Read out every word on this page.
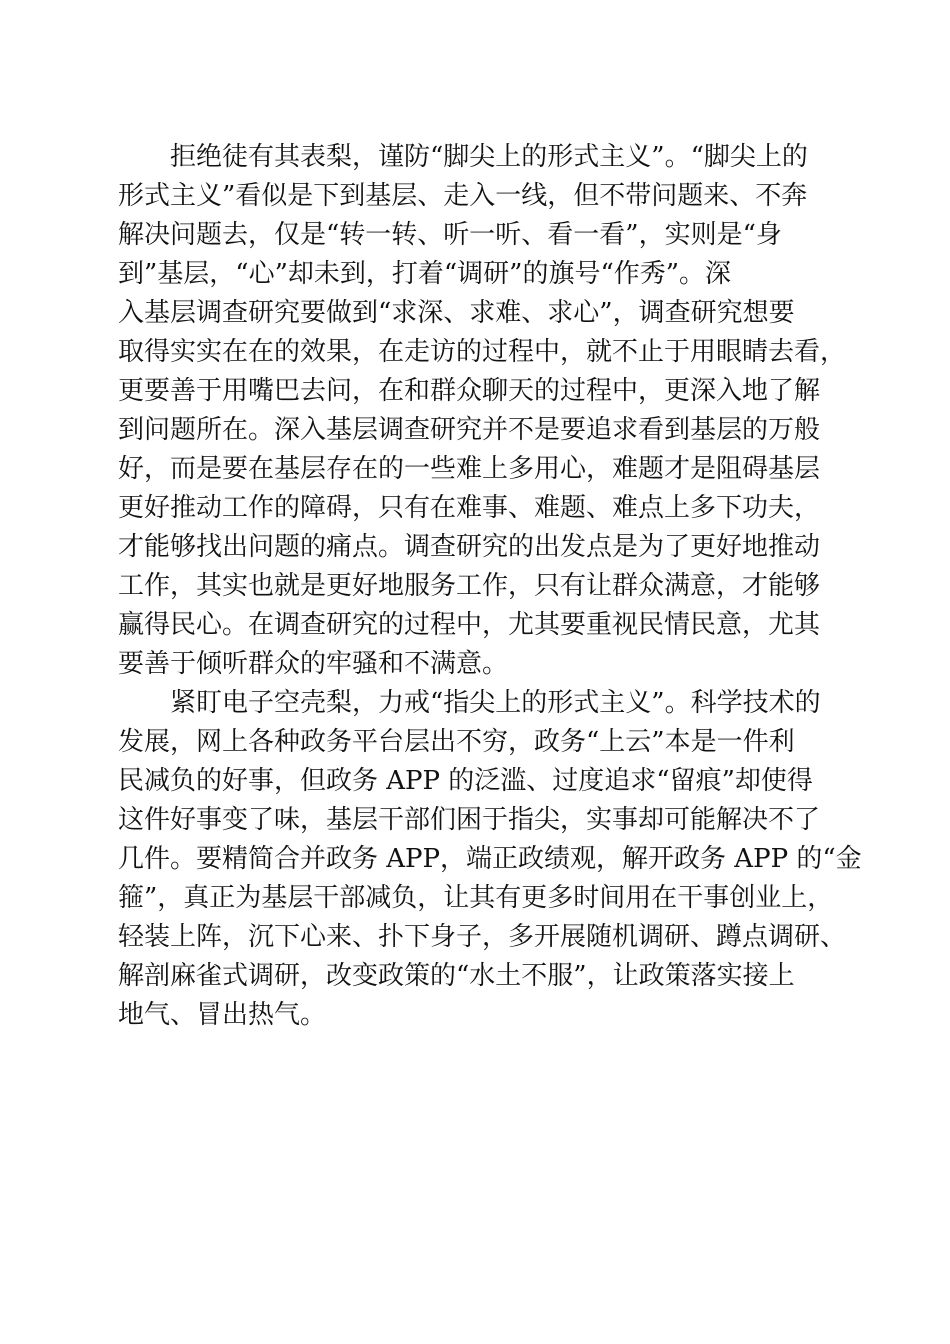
　　拒绝徒有其表梨，谨防“脚尖上的形式主义”。“脚尖上的
形式主义”看似是下到基层、走入一线，但不带问题来、不奔
解决问题去，仅是“转一转、听一听、看一看”，实则是“身
到”基层，“心”却未到，打着“调研”的旗号“作秀”。深
入基层调查研究要做到“求深、求难、求心”，调查研究想要
取得实实在在的效果，在走访的过程中，就不止于用眼睛去看，
更要善于用嘴巴去问，在和群众聊天的过程中，更深入地了解
到问题所在。深入基层调查研究并不是要追求看到基层的万般
好，而是要在基层存在的一些难上多用心，难题才是阻碍基层
更好推动工作的障碍，只有在难事、难题、难点上多下功夫，
才能够找出问题的痛点。调查研究的出发点是为了更好地推动
工作，其实也就是更好地服务工作，只有让群众满意，才能够
赢得民心。在调查研究的过程中，尤其要重视民情民意，尤其
要善于倾听群众的牢骚和不满意。
　　紧盯电子空壳梨，力戒“指尖上的形式主义”。科学技术的
发展，网上各种政务平台层出不穷，政务“上云”本是一件利
民减负的好事，但政务 APP 的泛滥、过度追求“留痕”却使得
这件好事变了味，基层干部们困于指尖，实事却可能解决不了
几件。要精简合并政务 APP，端正政绩观，解开政务 APP 的“金
箍”，真正为基层干部减负，让其有更多时间用在干事创业上，
轻装上阵，沉下心来、扑下身子，多开展随机调研、蹲点调研、
解剖麻雀式调研，改变政策的“水土不服”，让政策落实接上
地气、冒出热气。
